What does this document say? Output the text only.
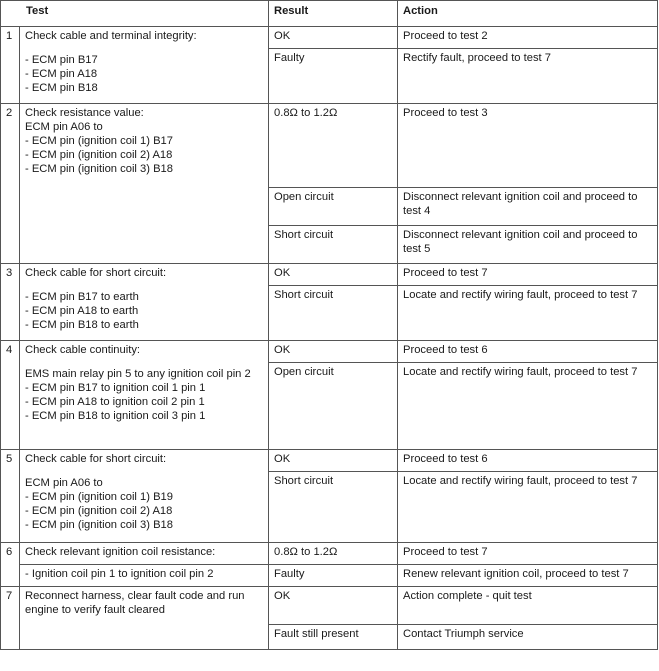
Test		Result	Action
1	Check cable and terminal integrity:
- ECM pin B17
- ECM pin A18
- ECM pin B18	OK	Proceed to test 2
		Faulty	Rectify fault, proceed to test 7
2	Check resistance value:
ECM pin A06 to
- ECM pin (ignition coil 1) B17
- ECM pin (ignition coil 2) A18
- ECM pin (ignition coil 3) B18	0.8Ω to 1.2Ω	Proceed to test 3
		Open circuit	Disconnect relevant ignition coil and proceed to test 4
		Short circuit	Disconnect relevant ignition coil and proceed to test 5
3	Check cable for short circuit:
- ECM pin B17 to earth
- ECM pin A18 to earth
- ECM pin B18 to earth	OK	Proceed to test 7
		Short circuit	Locate and rectify wiring fault, proceed to test 7
4	Check cable continuity:
EMS main relay pin 5 to any ignition coil pin 2
- ECM pin B17 to ignition coil 1 pin 1
- ECM pin A18 to ignition coil 2 pin 1
- ECM pin B18 to ignition coil 3 pin 1	OK	Proceed to test 6
		Open circuit	Locate and rectify wiring fault, proceed to test 7
5	Check cable for short circuit:
ECM pin A06 to
- ECM pin (ignition coil 1) B19
- ECM pin (ignition coil 2) A18
- ECM pin (ignition coil 3) B18	OK	Proceed to test 6
		Short circuit	Locate and rectify wiring fault, proceed to test 7
6	Check relevant ignition coil resistance:	0.8Ω to 1.2Ω	Proceed to test 7
	- Ignition coil pin 1 to ignition coil pin 2	Faulty	Renew relevant ignition coil, proceed to test 7
7	Reconnect harness, clear fault code and run engine to verify fault cleared	OK	Action complete - quit test
		Fault still present	Contact Triumph service
